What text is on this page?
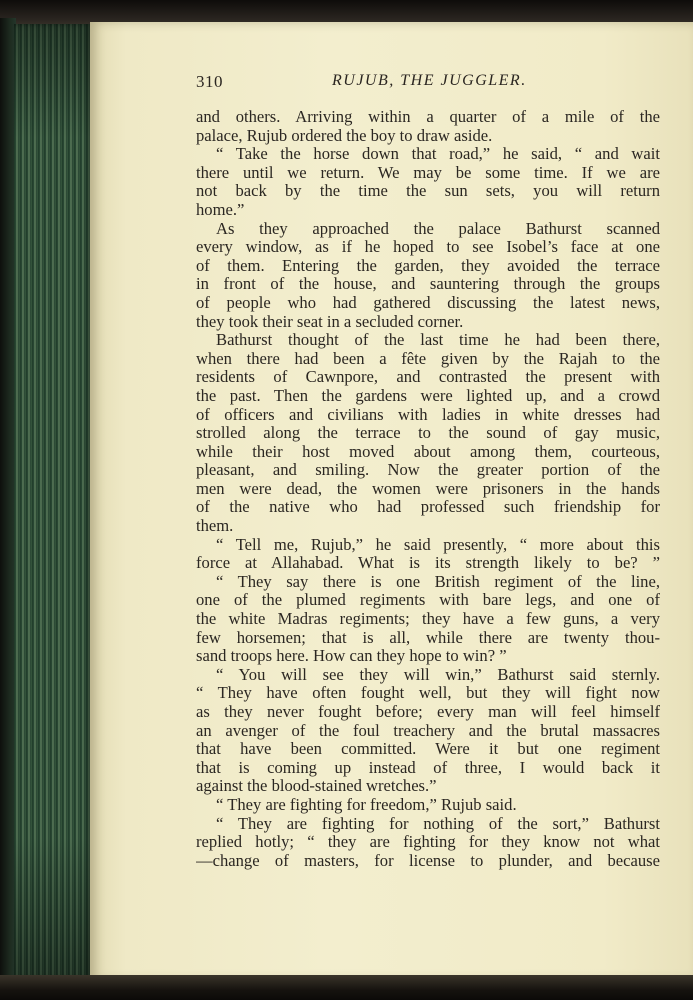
310	RUJUB, THE JUGGLER.
and others. Arriving within a quarter of a mile of the
palace, Rujub ordered the boy to draw aside.
“ Take the horse down that road,” he said, “ and wait
there until we return. We may be some time. If we are
not back by the time the sun sets, you will return
home.”
As they approached the palace Bathurst scanned
every window, as if he hoped to see Isobel’s face at one
of them. Entering the garden, they avoided the terrace
in front of the house, and sauntering through the groups
of people who had gathered discussing the latest news,
they took their seat in a secluded corner.
Bathurst thought of the last time he had been there,
when there had been a fête given by the Rajah to the
residents of Cawnpore, and contrasted the present with
the past. Then the gardens were lighted up, and a crowd
of officers and civilians with ladies in white dresses had
strolled along the terrace to the sound of gay music,
while their host moved about among them, courteous,
pleasant, and smiling. Now the greater portion of the
men were dead, the women were prisoners in the hands
of the native who had professed such friendship for
them.
“ Tell me, Rujub,” he said presently, “ more about this
force at Allahabad. What is its strength likely to be? ”
“ They say there is one British regiment of the line,
one of the plumed regiments with bare legs, and one of
the white Madras regiments; they have a few guns, a very
few horsemen; that is all, while there are twenty thou-
sand troops here. How can they hope to win? ”
“ You will see they will win,” Bathurst said sternly.
“ They have often fought well, but they will fight now
as they never fought before; every man will feel himself
an avenger of the foul treachery and the brutal massacres
that have been committed. Were it but one regiment
that is coming up instead of three, I would back it
against the blood-stained wretches.”
“ They are fighting for freedom,” Rujub said.
“ They are fighting for nothing of the sort,” Bathurst
replied hotly; “ they are fighting for they know not what
—change of masters, for license to plunder, and because
